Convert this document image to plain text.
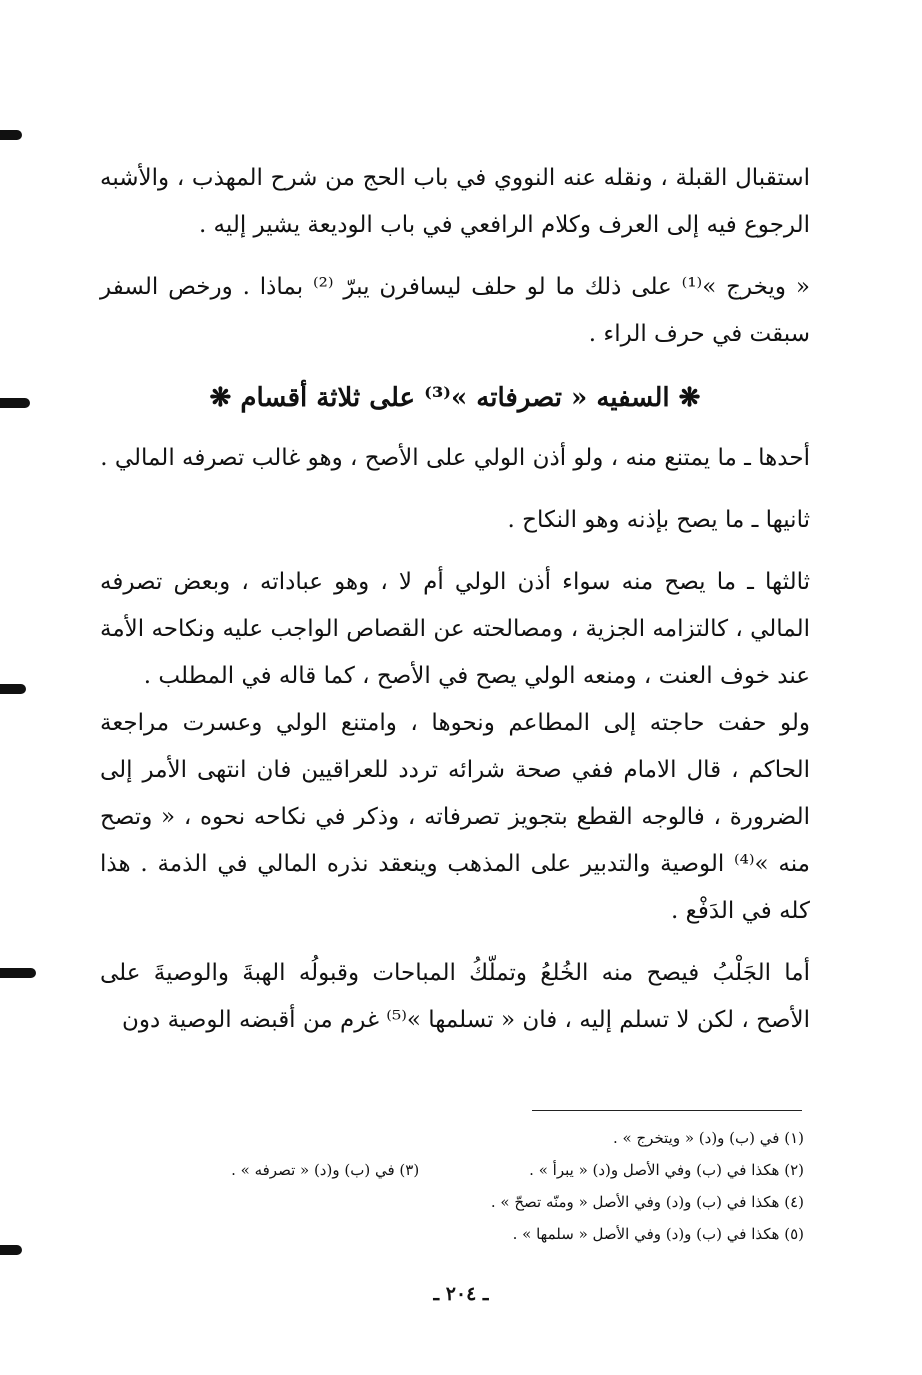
استقبال القبلة ، ونقله عنه النووي في باب الحج من شرح المهذب ، والأشبه الرجوع فيه إلى العرف وكلام الرافعي في باب الوديعة يشير إليه .

« ويخرج »⁽¹⁾ على ذلك ما لو حلف ليسافرن يبرّ ⁽²⁾ بماذا . ورخص السفر سبقت في حرف الراء .

❋ السفيه « تصرفاته »⁽³⁾ على ثلاثة أقسام ❋

أحدها ـ ما يمتنع منه ، ولو أذن الولي على الأصح ، وهو غالب تصرفه المالي .

ثانيها ـ ما يصح بإذنه وهو النكاح .

ثالثها ـ ما يصح منه سواء أذن الولي أم لا ، وهو عباداته ، وبعض تصرفه المالي ، كالتزامه الجزية ، ومصالحته عن القصاص الواجب عليه ونكاحه الأمة عند خوف العنت ، ومنعه الولي يصح في الأصح ، كما قاله في المطلب .

ولو حفت حاجته إلى المطاعم ونحوها ، وامتنع الولي وعسرت مراجعة الحاكم ، قال الامام ففي صحة شرائه تردد للعراقيين فان انتهى الأمر إلى الضرورة ، فالوجه القطع بتجويز تصرفاته ، وذكر في نكاحه نحوه ، « وتصح منه »⁽⁴⁾ الوصية والتدبير على المذهب وينعقد نذره المالي في الذمة . هذا كله في الدَفْع .

أما الجَلْبُ فيصح منه الخُلعُ وتملّكُ المباحات وقبولُه الهبةَ والوصيةَ على الأصح ، لكن لا تسلم إليه ، فان « تسلمها »⁽⁵⁾ غرم من أقبضه الوصية دون

(١) في (ب) و(د) « ويتخرج » .
(٢) هكذا في (ب) وفي الأصل و(د) « يبرأ » .
(٣) في (ب) و(د) « تصرفه » .
(٤) هكذا في (ب) و(د) وفي الأصل « ومنّه تصحّ » .
(٥) هكذا في (ب) و(د) وفي الأصل « سلمها » .
ـ ٢٠٤ ـ
